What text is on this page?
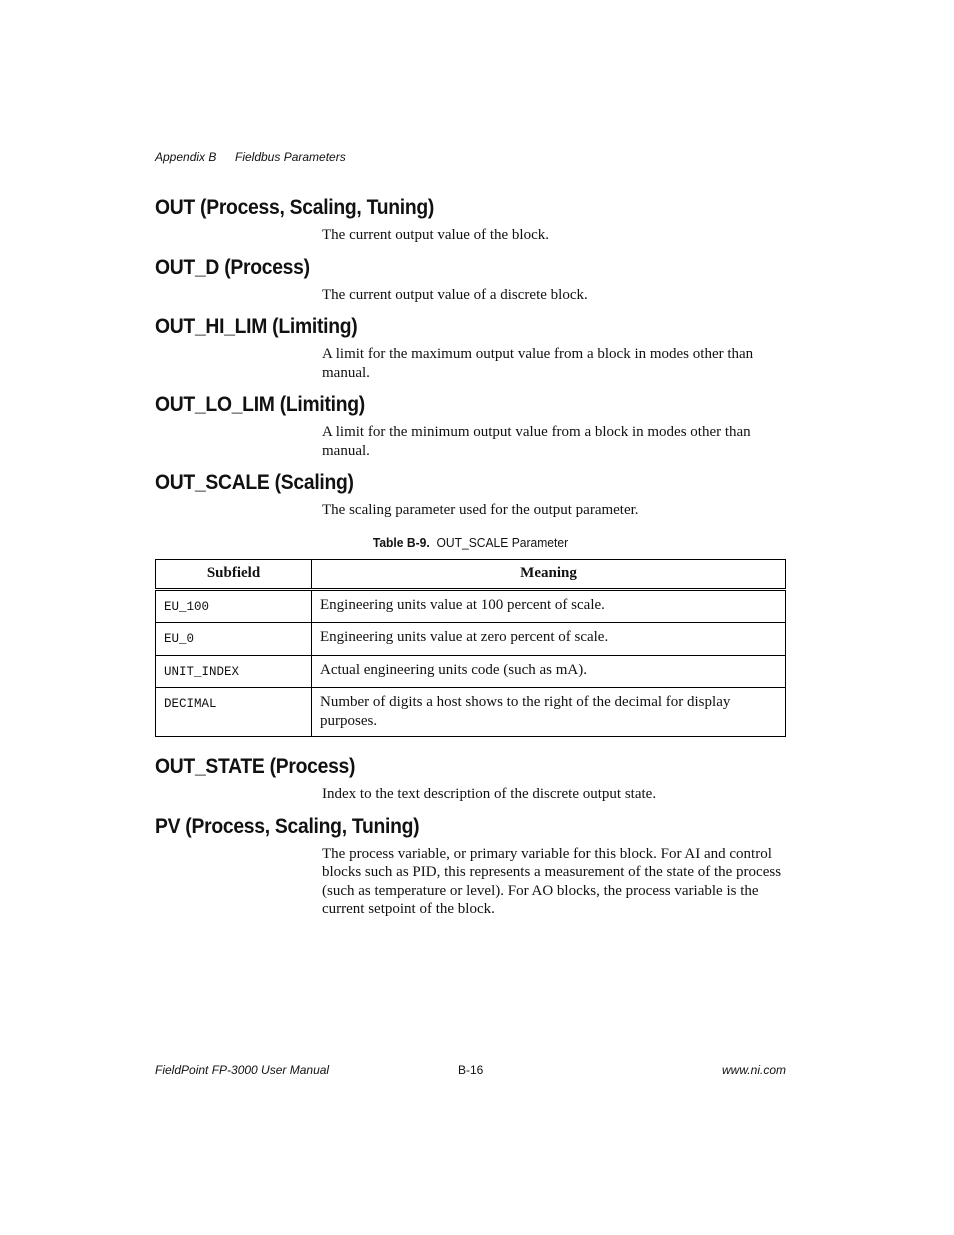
Appendix B Fieldbus Parameters
OUT (Process, Scaling, Tuning)
The current output value of the block.
OUT_D (Process)
The current output value of a discrete block.
OUT_HI_LIM (Limiting)
A limit for the maximum output value from a block in modes other than manual.
OUT_LO_LIM (Limiting)
A limit for the minimum output value from a block in modes other than manual.
OUT_SCALE (Scaling)
The scaling parameter used for the output parameter.
Table B-9. OUT_SCALE Parameter
Subfield	Meaning
EU_100	Engineering units value at 100 percent of scale.
EU_0	Engineering units value at zero percent of scale.
UNIT_INDEX	Actual engineering units code (such as mA).
DECIMAL	Number of digits a host shows to the right of the decimal for display purposes.
OUT_STATE (Process)
Index to the text description of the discrete output state.
PV (Process, Scaling, Tuning)
The process variable, or primary variable for this block. For AI and control blocks such as PID, this represents a measurement of the state of the process (such as temperature or level). For AO blocks, the process variable is the current setpoint of the block.
FieldPoint FP-3000 User Manual	B-16	www.ni.com
